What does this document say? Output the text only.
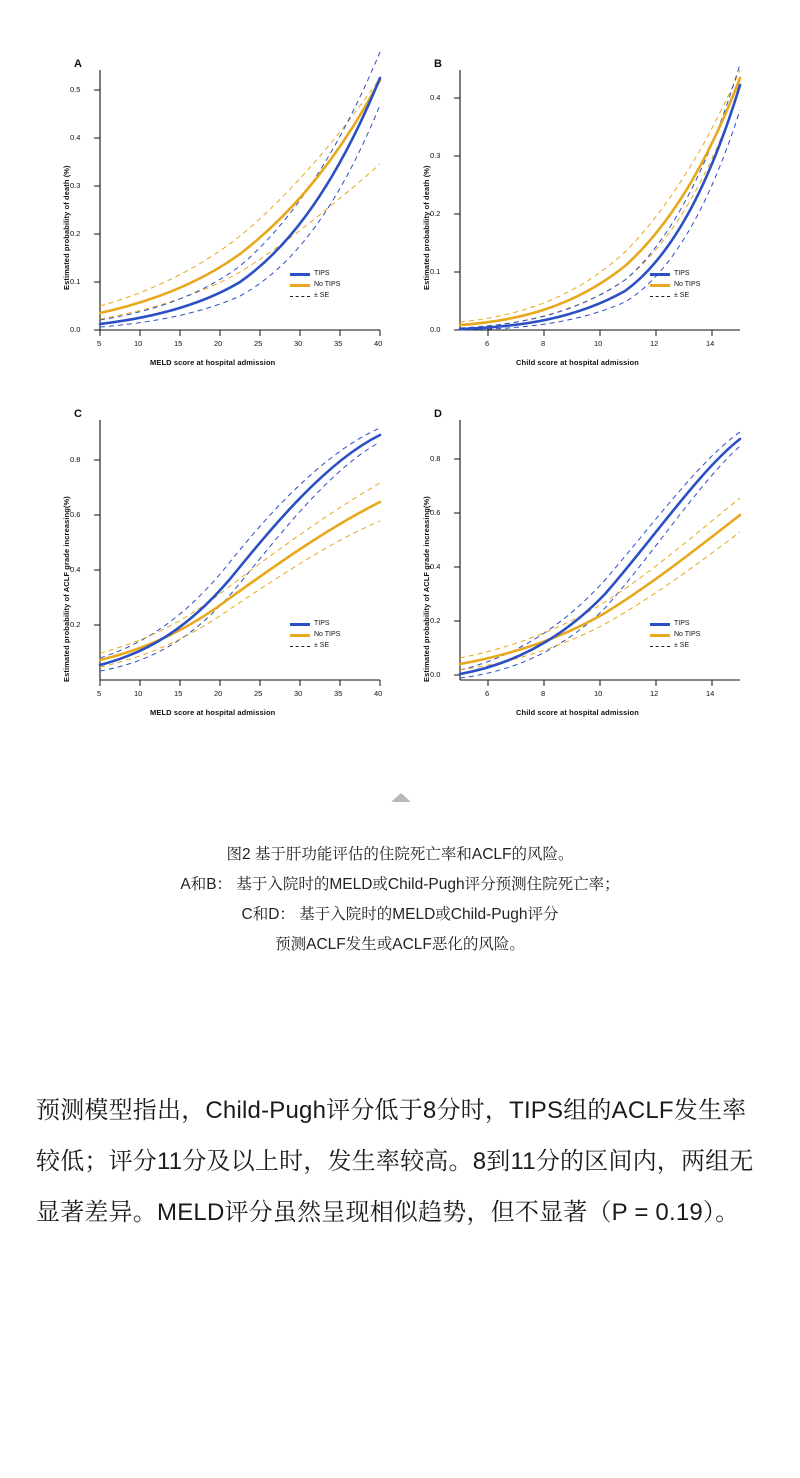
A
0.0
0.1
0.2
0.3
0.4
0.5
5	10	15	20	25	30	35	40
Estimated probability of death (%)
MELD score at hospital admission
TIPS
No TIPS
± SE
B
0.0
0.1
0.2
0.3
0.4
6	8	10	12	14
Estimated probability of death (%)
Child score at hospital admission
TIPS
No TIPS
± SE
C
0.2
0.4
0.6
0.8
5	10	15	20	25	30	35	40
Estimated probability of ACLF grade increasing(%)
MELD score at hospital admission
TIPS
No TIPS
± SE
D
0.0
0.2
0.4
0.6
0.8
6	8	10	12	14
Estimated probability of ACLF grade increasing(%)
Child score at hospital admission
TIPS
No TIPS
± SE
图2 基于肝功能评估的住院死亡率和ACLF的风险。
A和B： 基于入院时的MELD或Child-Pugh评分预测住院死亡率；
C和D： 基于入院时的MELD或Child-Pugh评分
预测ACLF发生或ACLF恶化的风险。
预测模型指出，Child-Pugh评分低于8分时，TIPS组的ACLF发生率较低；评分11分及以上时，发生率较高。8到11分的区间内，两组无显著差异。MELD评分虽然呈现相似趋势，但不显著（P = 0.19）。
